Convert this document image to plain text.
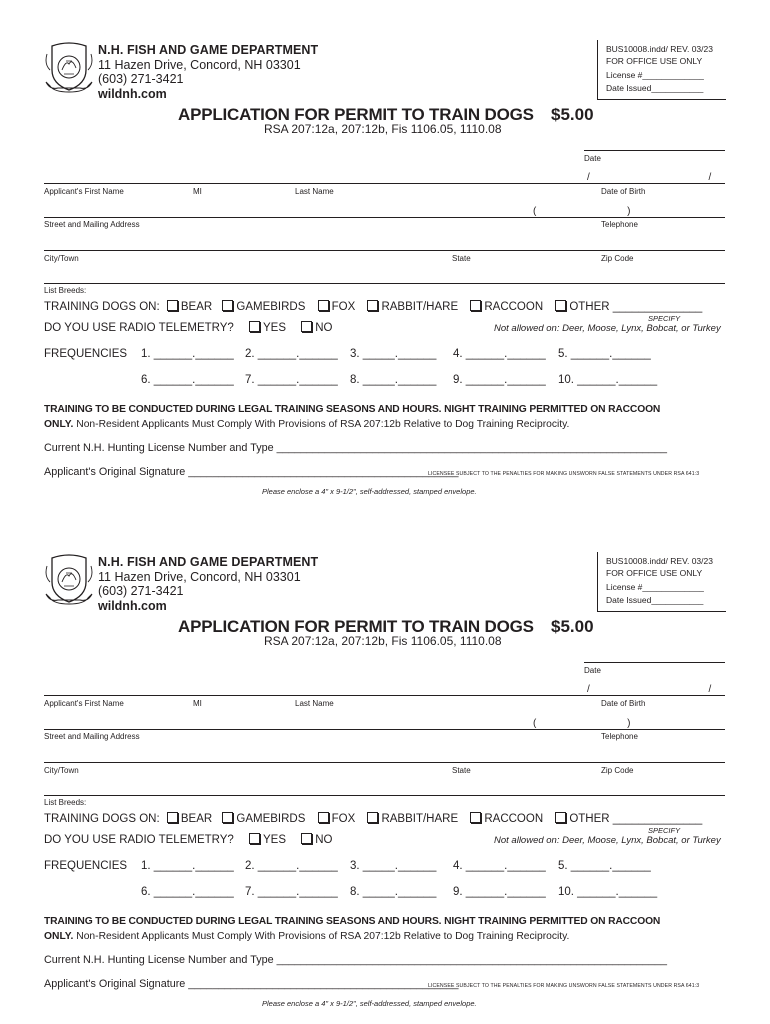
N.H. FISH AND GAME DEPARTMENT
11 Hazen Drive, Concord, NH 03301
(603) 271-3421
wildnh.com
BUS10008.indd/ REV. 03/23
FOR OFFICE USE ONLY
License #_____________
Date Issued___________
APPLICATION FOR PERMIT TO TRAIN DOGS $5.00
RSA 207:12a, 207:12b, Fis 1106.05, 1110.08
Date
/ /
Applicant's First Name	MI	Last Name	Date of Birth
( )
Street and Mailing Address	Telephone
City/Town	State	Zip Code
List Breeds:
TRAINING DOGS ON: BEAR GAMEBIRDS FOX RABBIT/HARE RACCOON OTHER ______________
SPECIFY
DO YOU USE RADIO TELEMETRY?	YES	NO	Not allowed on: Deer, Moose, Lynx, Bobcat, or Turkey
FREQUENCIES 1. ______.______ 2. ______.______ 3. _____.______ 4. ______.______ 5. ______.______
6. ______.______ 7. ______.______ 8. _____.______ 9. ______.______ 10. ______.______
TRAINING TO BE CONDUCTED DURING LEGAL TRAINING SEASONS AND HOURS. NIGHT TRAINING PERMITTED ON RACCOON
ONLY. Non-Resident Applicants Must Comply With Provisions of RSA 207:12b Relative to Dog Training Reciprocity.
Current N.H. Hunting License Number and Type _________________________________________________________________
Applicant's Original Signature _____________________________________________
LICENSEE SUBJECT TO THE PENALTIES FOR MAKING UNSWORN FALSE STATEMENTS UNDER RSA 641:3
Please enclose a 4" x 9-1/2", self-addressed, stamped envelope.
N.H. FISH AND GAME DEPARTMENT
11 Hazen Drive, Concord, NH 03301
(603) 271-3421
wildnh.com
BUS10008.indd/ REV. 03/23
FOR OFFICE USE ONLY
License #_____________
Date Issued___________
APPLICATION FOR PERMIT TO TRAIN DOGS $5.00
RSA 207:12a, 207:12b, Fis 1106.05, 1110.08
Date
/ /
Applicant's First Name	MI	Last Name	Date of Birth
( )
Street and Mailing Address	Telephone
City/Town	State	Zip Code
List Breeds:
TRAINING DOGS ON: BEAR GAMEBIRDS FOX RABBIT/HARE RACCOON OTHER ______________
SPECIFY
DO YOU USE RADIO TELEMETRY?	YES	NO	Not allowed on: Deer, Moose, Lynx, Bobcat, or Turkey
FREQUENCIES 1. ______.______ 2. ______.______ 3. _____.______ 4. ______.______ 5. ______.______
6. ______.______ 7. ______.______ 8. _____.______ 9. ______.______ 10. ______.______
TRAINING TO BE CONDUCTED DURING LEGAL TRAINING SEASONS AND HOURS. NIGHT TRAINING PERMITTED ON RACCOON
ONLY. Non-Resident Applicants Must Comply With Provisions of RSA 207:12b Relative to Dog Training Reciprocity.
Current N.H. Hunting License Number and Type _________________________________________________________________
Applicant's Original Signature _____________________________________________
LICENSEE SUBJECT TO THE PENALTIES FOR MAKING UNSWORN FALSE STATEMENTS UNDER RSA 641:3
Please enclose a 4" x 9-1/2", self-addressed, stamped envelope.
